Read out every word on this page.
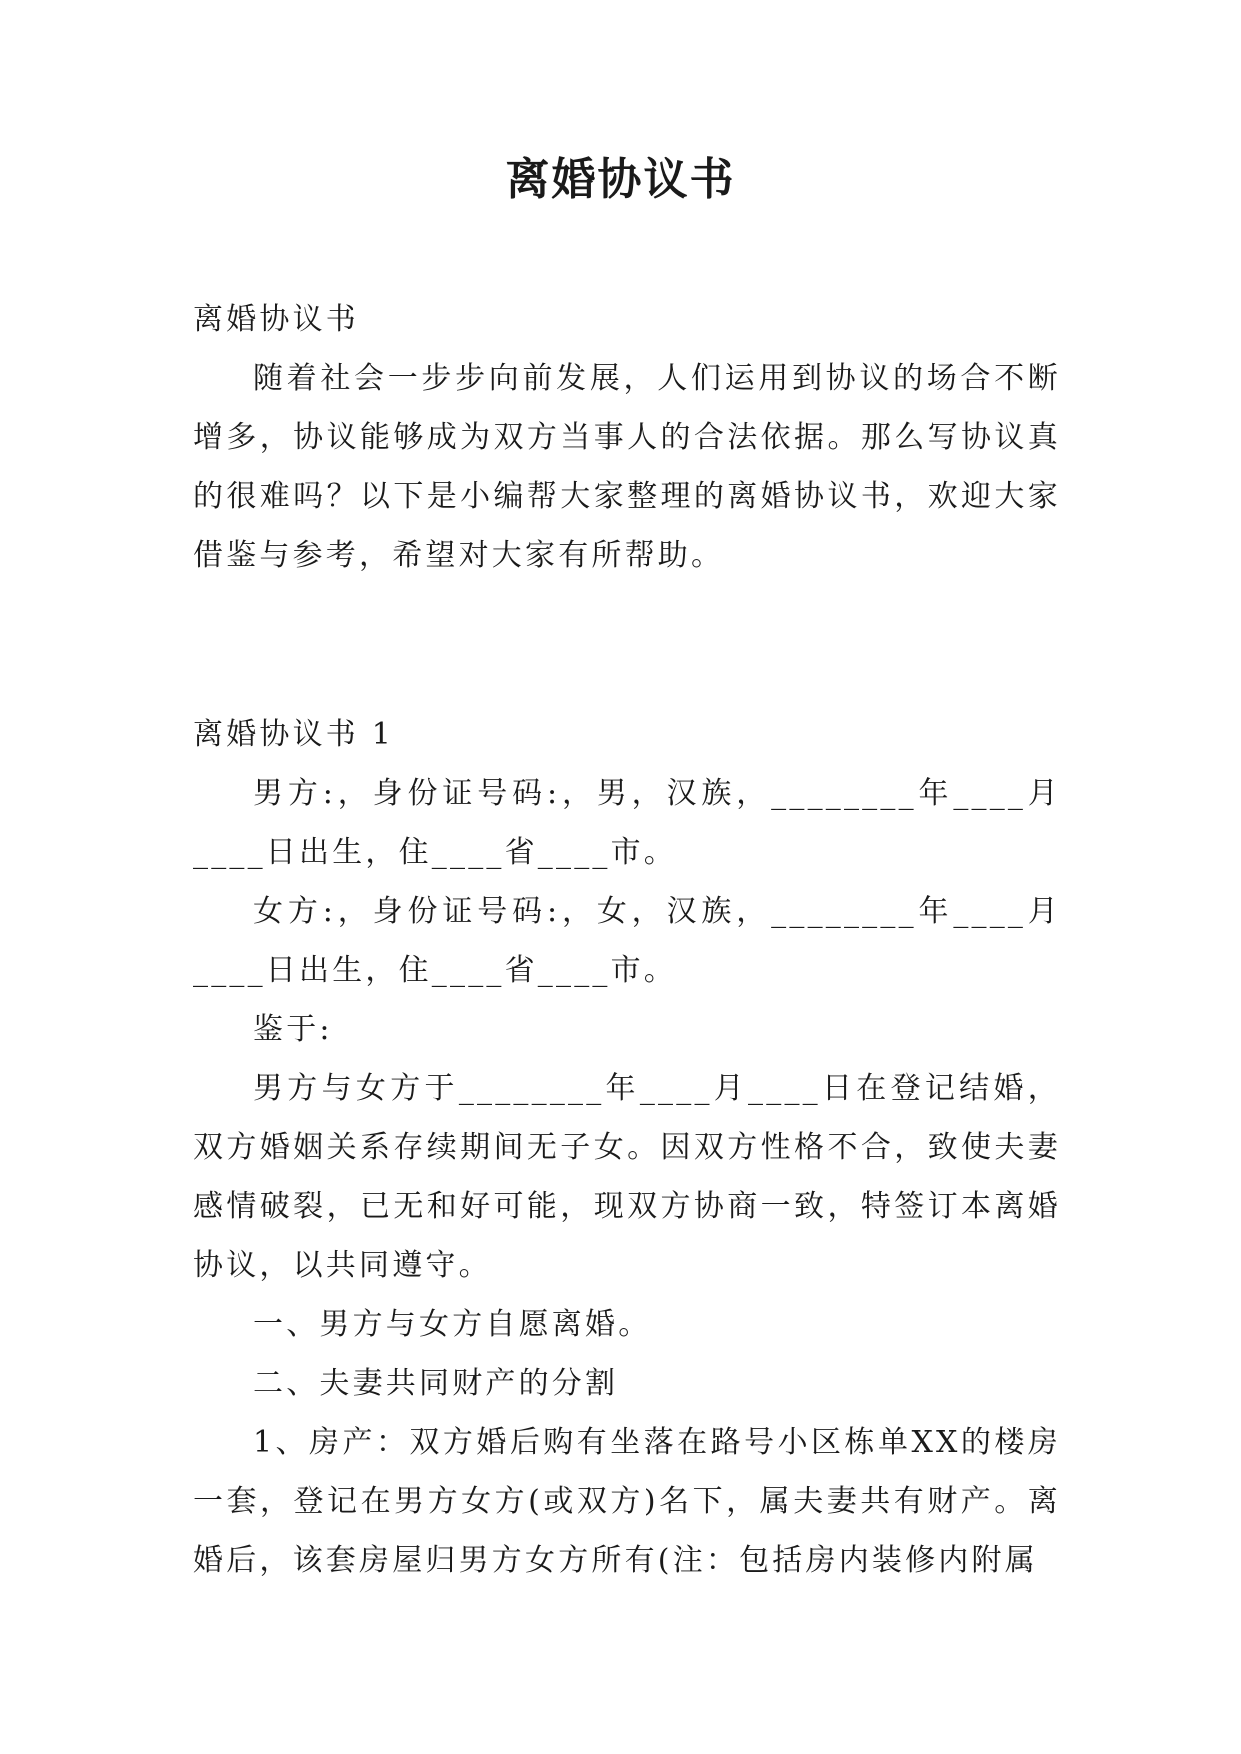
离婚协议书

离婚协议书

随着社会一步步向前发展，人们运用到协议的场合不断增多，协议能够成为双方当事人的合法依据。那么写协议真的很难吗？以下是小编帮大家整理的离婚协议书，欢迎大家借鉴与参考，希望对大家有所帮助。

离婚协议书 1

男方:，身份证号码:，男，汉族，________年____月____日出生，住____省____市。

女方:，身份证号码:，女，汉族，________年____月____日出生，住____省____市。

鉴于:

男方与女方于________年____月____日在登记结婚，双方婚姻关系存续期间无子女。因双方性格不合，致使夫妻感情破裂，已无和好可能，现双方协商一致，特签订本离婚协议，以共同遵守。

一、男方与女方自愿离婚。

二、夫妻共同财产的分割

1、房产：双方婚后购有坐落在路号小区栋单XX的楼房一套，登记在男方女方(或双方)名下，属夫妻共有财产。离婚后，该套房屋归男方女方所有(注：包括房内装修内附属
